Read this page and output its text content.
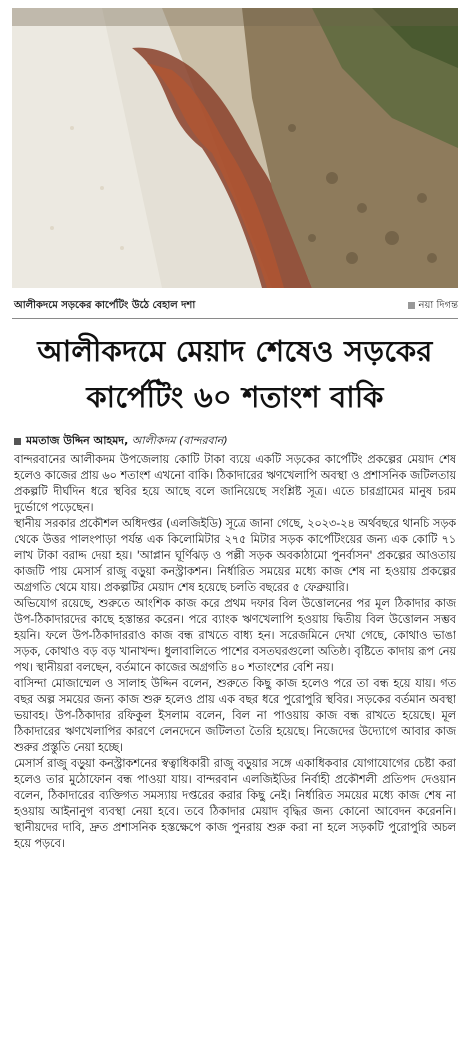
আলীকদমে সড়কের কার্পেটিং উঠে বেহাল দশা	নয়া দিগন্ত
আলীকদমে মেয়াদ শেষেও সড়কের
কার্পেটিং ৬০ শতাংশ বাকি
মমতাজ উদ্দিন আহমদ, আলীকদম (বান্দরবান)

বান্দরবানের আলীকদম উপজেলায় কোটি টাকা ব্যয়ে একটি সড়কের কার্পেটিং প্রকল্পের মেয়াদ শেষ হলেও কাজের প্রায় ৬০ শতাংশ এখনো বাকি। ঠিকাদারের ঋণখেলাপি অবস্থা ও প্রশাসনিক জটিলতায় প্রকল্পটি দীর্ঘদিন ধরে স্থবির হয়ে আছে বলে জানিয়েছে সংশ্লিষ্ট সূত্র। এতে চারগ্রামের মানুষ চরম দুর্ভোগে পড়েছেন।

স্থানীয় সরকার প্রকৌশল অধিদপ্তর (এলজিইডি) সূত্রে জানা গেছে, ২০২৩-২৪ অর্থবছরে থানচি সড়ক থেকে উত্তর পালংপাড়া পর্যন্ত এক কিলোমিটার ২৭৫ মিটার সড়ক কার্পেটিংয়ের জন্য এক কোটি ৭১ লাখ টাকা বরাদ্দ দেয়া হয়। 'আপ্লান ঘূর্ণিঝড় ও পল্লী সড়ক অবকাঠামো পুনর্বাসন' প্রকল্পের আওতায় কাজটি পায় মেসার্স রাজু বড়ুয়া কনস্ট্রাকশন। নির্ধারিত সময়ের মধ্যে কাজ শেষ না হওয়ায় প্রকল্পের অগ্রগতি থেমে যায়। প্রকল্পটির মেয়াদ শেষ হয়েছে চলতি বছরের ৫ ফেব্রুয়ারি।

অভিযোগ রয়েছে, শুরুতে আংশিক কাজ করে প্রথম দফার বিল উত্তোলনের পর মূল ঠিকাদার কাজ উপ-ঠিকাদারদের কাছে হস্তান্তর করেন। পরে ব্যাংক ঋণখেলাপি হওয়ায় দ্বিতীয় বিল উত্তোলন সম্ভব হয়নি। ফলে উপ-ঠিকাদাররাও কাজ বন্ধ রাখতে বাধ্য হন। সরেজমিনে দেখা গেছে, কোথাও ভাঙা সড়ক, কোথাও বড় বড় খানাখন্দ। ধুলাবালিতে পাশের বসতঘরগুলো অতিষ্ঠ। বৃষ্টিতে কাদায় রূপ নেয় পথ। স্থানীয়রা বলছেন, বর্তমানে কাজের অগ্রগতি ৪০ শতাংশের বেশি নয়।

বাসিন্দা মোজাম্মেল ও সালাহ উদ্দিন বলেন, শুরুতে কিছু কাজ হলেও পরে তা বন্ধ হয়ে যায়। গত বছর অল্প সময়ের জন্য কাজ শুরু হলেও প্রায় এক বছর ধরে পুরোপুরি স্থবির। সড়কের বর্তমান অবস্থা ভয়াবহ। উপ-ঠিকাদার রফিকুল ইসলাম বলেন, বিল না পাওয়ায় কাজ বন্ধ রাখতে হয়েছে। মূল ঠিকাদারের ঋণখেলাপির কারণে লেনদেনে জটিলতা তৈরি হয়েছে। নিজেদের উদ্যোগে আবার কাজ শুরুর প্রস্তুতি নেয়া হচ্ছে।

মেসার্স রাজু বড়ুয়া কনস্ট্রাকশনের স্বত্বাধিকারী রাজু বড়ুয়ার সঙ্গে একাধিকবার যোগাযোগের চেষ্টা করা হলেও তার মুঠোফোন বন্ধ পাওয়া যায়। বান্দরবান এলজিইডির নির্বাহী প্রকৌশলী প্রতিপদ দেওয়ান বলেন, ঠিকাদারের ব্যক্তিগত সমস্যায় দপ্তরের করার কিছু নেই। নির্ধারিত সময়ের মধ্যে কাজ শেষ না হওয়ায় আইনানুগ ব্যবস্থা নেয়া হবে। তবে ঠিকাদার মেয়াদ বৃদ্ধির জন্য কোনো আবেদন করেননি। স্থানীয়দের দাবি, দ্রুত প্রশাসনিক হস্তক্ষেপে কাজ পুনরায় শুরু করা না হলে সড়কটি পুরোপুরি অচল হয়ে পড়বে।
